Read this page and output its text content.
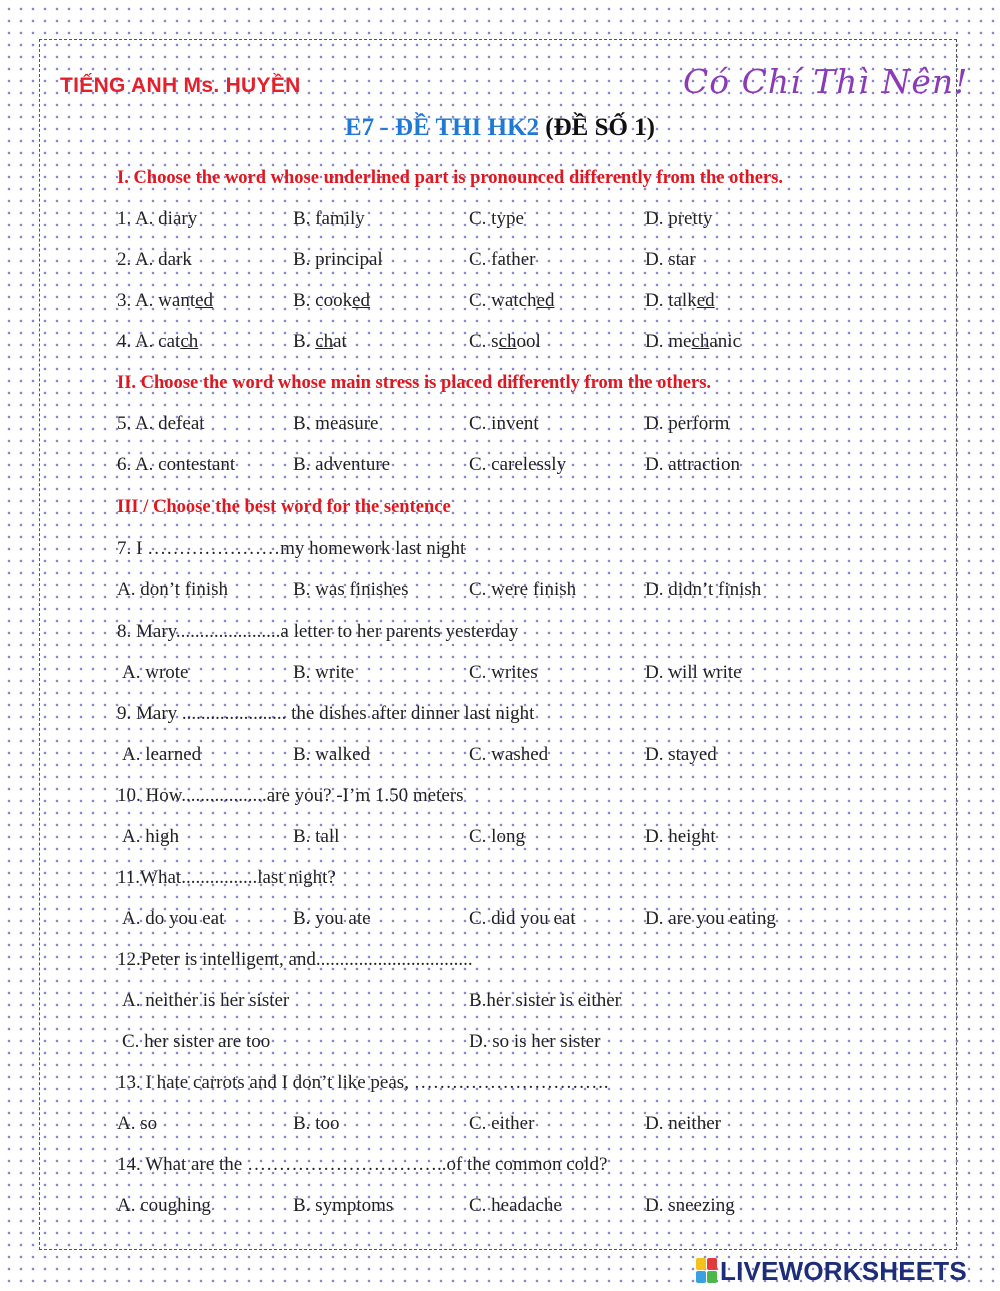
TIẾNG ANH Ms. HUYỀN	Có Chí Thì Nên!
E7 - ĐỀ THI HK2 (ĐỀ SỐ 1)
I. Choose the word whose underlined part is pronounced differently from the others.
1. A. diary	B. family	C. type	D. pretty
2. A. dark	B. principal	C. father	D. star
3. A. wanted	B. cooked	C. watched	D. talked
4. A. catch	B. chat	C. school	D. mechanic
II. Choose the word whose main stress is placed differently from the others.
5. A. defeat	B. measure	C. invent	D. perform
6. A. contestant	B. adventure	C. carelessly	D. attraction
III / Choose the best word for the sentence
7. I …………………my homework last night
A. don’t finish	B. was finishes	C. were finish	D. didn’t finish
8. Mary......................a letter to her parents yesterday
A. wrote	B. write	C. writes	D. will write
9. Mary ...................... the dishes after dinner last night
A. learned	B. walked	C. washed	D. stayed
10. How..................are you? -I’m 1.50 meters
A. high	B. tall	C. long	D. height
11.What................last night?
A. do you eat	B. you ate	C. did you eat	D. are you eating
12.Peter is intelligent, and.................................
A. neither is her sister	B.her sister is either
C. her sister are too	D. so is her sister
13. I hate carrots and I don’t like peas, ………………………….
A. so	B. too	C. either	D. neither
14. What are the …………………………..of the common cold?
A. coughing	B. symptoms	C. headache	D. sneezing
LIVEWORKSHEETS
